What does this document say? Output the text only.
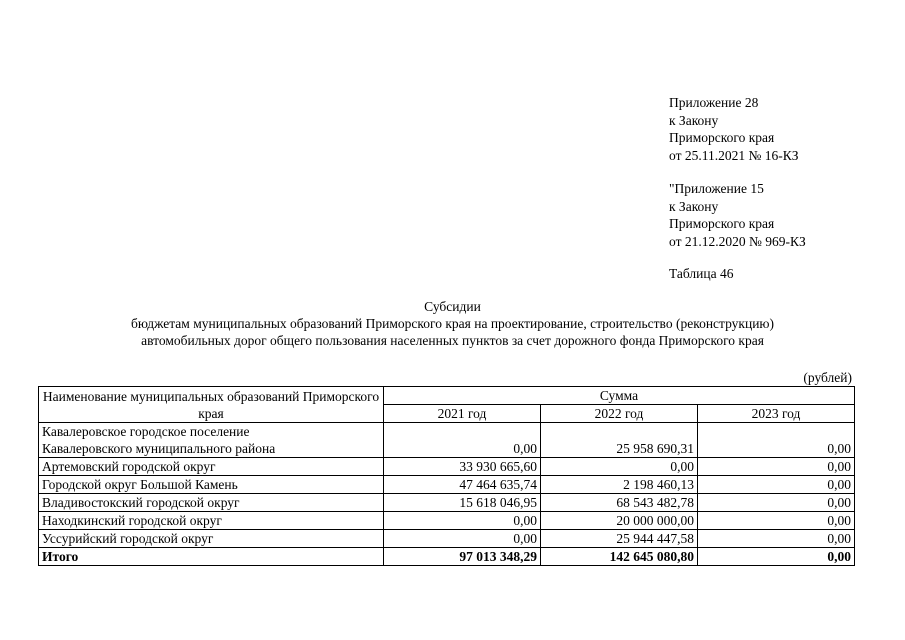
Приложение 28
к Закону
Приморского края
от 25.11.2021 № 16-КЗ
"Приложение 15
к Закону
Приморского края
от 21.12.2020 № 969-КЗ
Таблица 46
Субсидии
бюджетам муниципальных образований Приморского края на проектирование, строительство (реконструкцию)
автомобильных дорог общего пользования населенных пунктов за счет дорожного фонда Приморского края
(рублей)
Наименование муниципальных образований Приморского края	Сумма		
	2021 год	2022 год	2023 год

Кавалеровское городское поселение
Кавалеровского муниципального района	0,00	25 958 690,31	0,00
Артемовский городской округ	33 930 665,60	0,00	0,00
Городской округ Большой Камень	47 464 635,74	2 198 460,13	0,00
Владивостокский городской округ	15 618 046,95	68 543 482,78	0,00
Находкинский городской округ	0,00	20 000 000,00	0,00
Уссурийский городской округ	0,00	25 944 447,58	0,00
Итого	97 013 348,29	142 645 080,80	0,00
